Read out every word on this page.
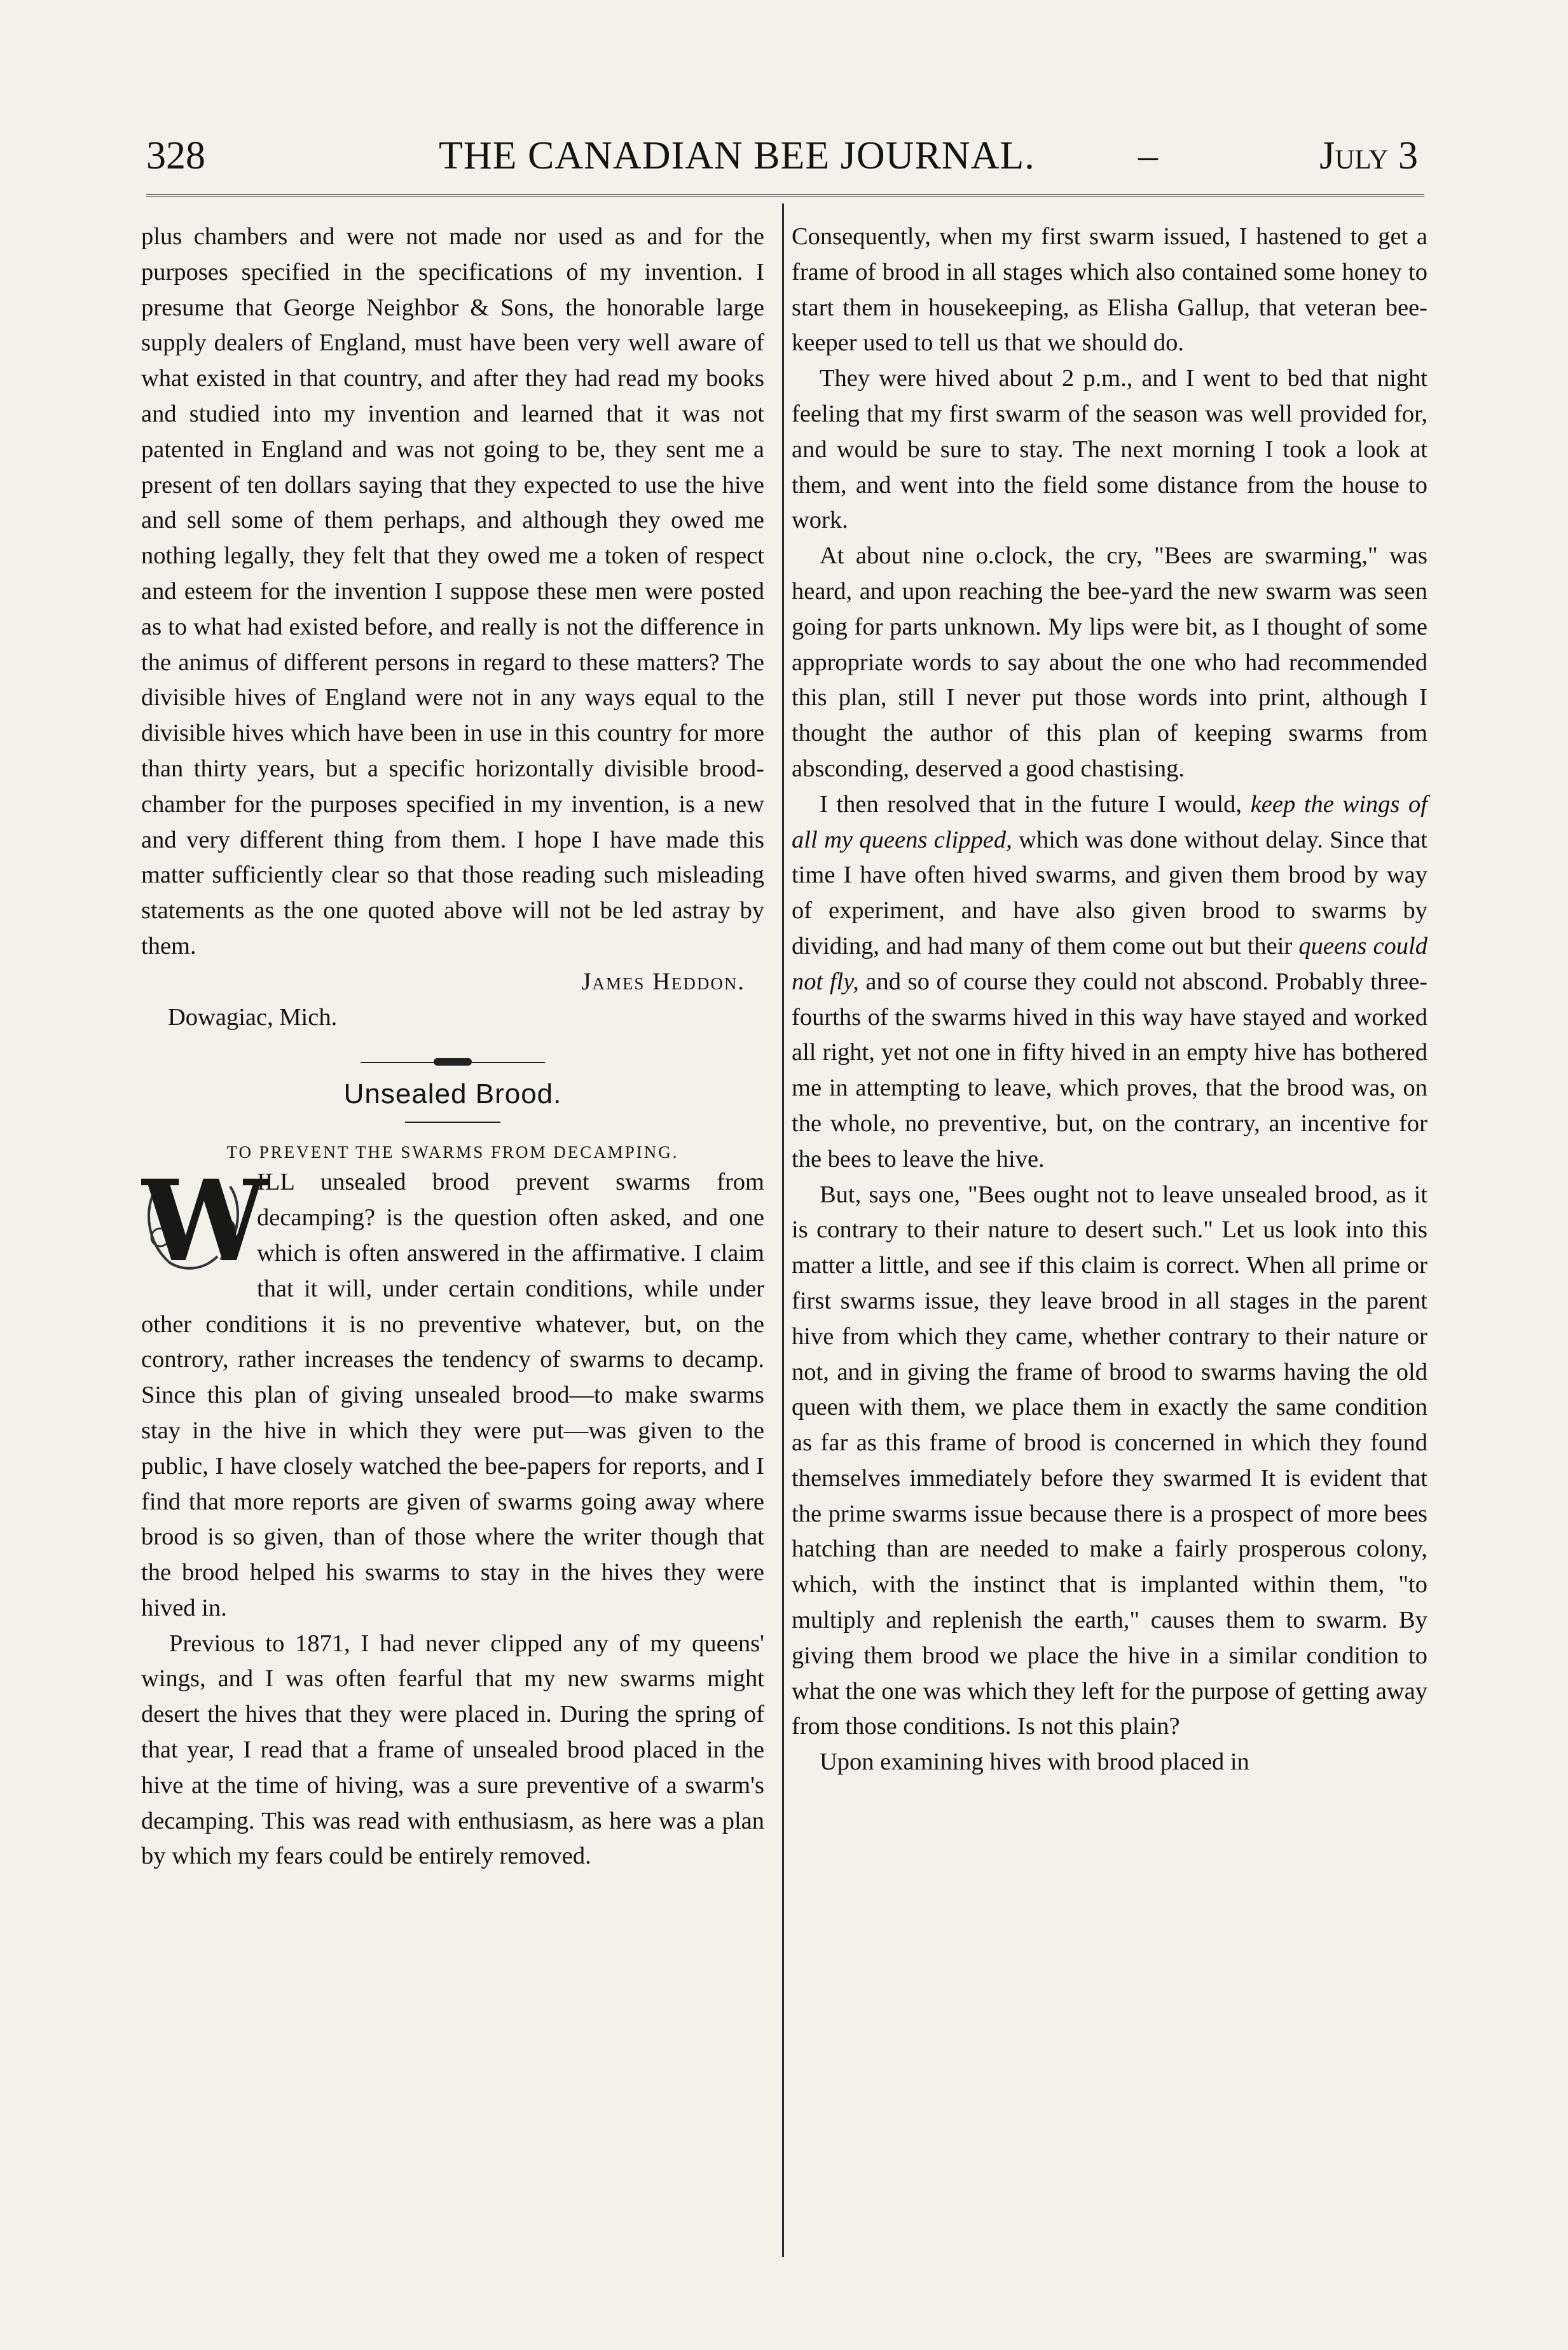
328	THE CANADIAN BEE JOURNAL.	–	July 3

plus chambers and were not made nor used as and for the purposes specified in the specifications of my invention. I presume that George Neighbor & Sons, the honorable large supply dealers of England, must have been very well aware of what existed in that country, and after they had read my books and studied into my invention and learned that it was not patented in England and was not going to be, they sent me a present of ten dollars saying that they expected to use the hive and sell some of them perhaps, and although they owed me nothing legally, they felt that they owed me a token of respect and esteem for the invention I suppose these men were posted as to what had existed before, and really is not the difference in the animus of different persons in regard to these matters? The divisible hives of England were not in any ways equal to the divisible hives which have been in use in this country for more than thirty years, but a specific horizontally divisible brood-chamber for the purposes specified in my invention, is a new and very different thing from them. I hope I have made this matter sufficiently clear so that those reading such misleading statements as the one quoted above will not be led astray by them.

James Heddon.

Dowagiac, Mich.

Unsealed Brood.

TO PREVENT THE SWARMS FROM DECAMPING.

W

ILL unsealed brood prevent swarms from decamping? is the question often asked, and one which is often answered in the affirmative. I claim that it will, under certain conditions, while under other conditions it is no preventive whatever, but, on the controry, rather increases the tendency of swarms to decamp. Since this plan of giving unsealed brood—to make swarms stay in the hive in which they were put—was given to the public, I have closely watched the bee-papers for reports, and I find that more reports are given of swarms going away where brood is so given, than of those where the writer though that the brood helped his swarms to stay in the hives they were hived in.

Previous to 1871, I had never clipped any of my queens' wings, and I was often fearful that my new swarms might desert the hives that they were placed in. During the spring of that year, I read that a frame of unsealed brood placed in the hive at the time of hiving, was a sure preventive of a swarm's decamping. This was read with enthusiasm, as here was a plan by which my fears could be entirely removed.

Consequently, when my first swarm issued, I hastened to get a frame of brood in all stages which also contained some honey to start them in housekeeping, as Elisha Gallup, that veteran bee-keeper used to tell us that we should do.

They were hived about 2 p.m., and I went to bed that night feeling that my first swarm of the season was well provided for, and would be sure to stay. The next morning I took a look at them, and went into the field some distance from the house to work.

At about nine o.clock, the cry, "Bees are swarming," was heard, and upon reaching the bee-yard the new swarm was seen going for parts unknown. My lips were bit, as I thought of some appropriate words to say about the one who had recommended this plan, still I never put those words into print, although I thought the author of this plan of keeping swarms from absconding, deserved a good chastising.

I then resolved that in the future I would, keep the wings of all my queens clipped, which was done without delay. Since that time I have often hived swarms, and given them brood by way of experiment, and have also given brood to swarms by dividing, and had many of them come out but their queens could not fly, and so of course they could not abscond. Probably three-fourths of the swarms hived in this way have stayed and worked all right, yet not one in fifty hived in an empty hive has bothered me in attempting to leave, which proves, that the brood was, on the whole, no preventive, but, on the contrary, an incentive for the bees to leave the hive.

But, says one, "Bees ought not to leave unsealed brood, as it is contrary to their nature to desert such." Let us look into this matter a little, and see if this claim is correct. When all prime or first swarms issue, they leave brood in all stages in the parent hive from which they came, whether contrary to their nature or not, and in giving the frame of brood to swarms having the old queen with them, we place them in exactly the same condition as far as this frame of brood is concerned in which they found themselves immediately before they swarmed It is evident that the prime swarms issue because there is a prospect of more bees hatching than are needed to make a fairly prosperous colony, which, with the instinct that is implanted within them, "to multiply and replenish the earth," causes them to swarm. By giving them brood we place the hive in a similar condition to what the one was which they left for the purpose of getting away from those conditions. Is not this plain?

Upon examining hives with brood placed in
